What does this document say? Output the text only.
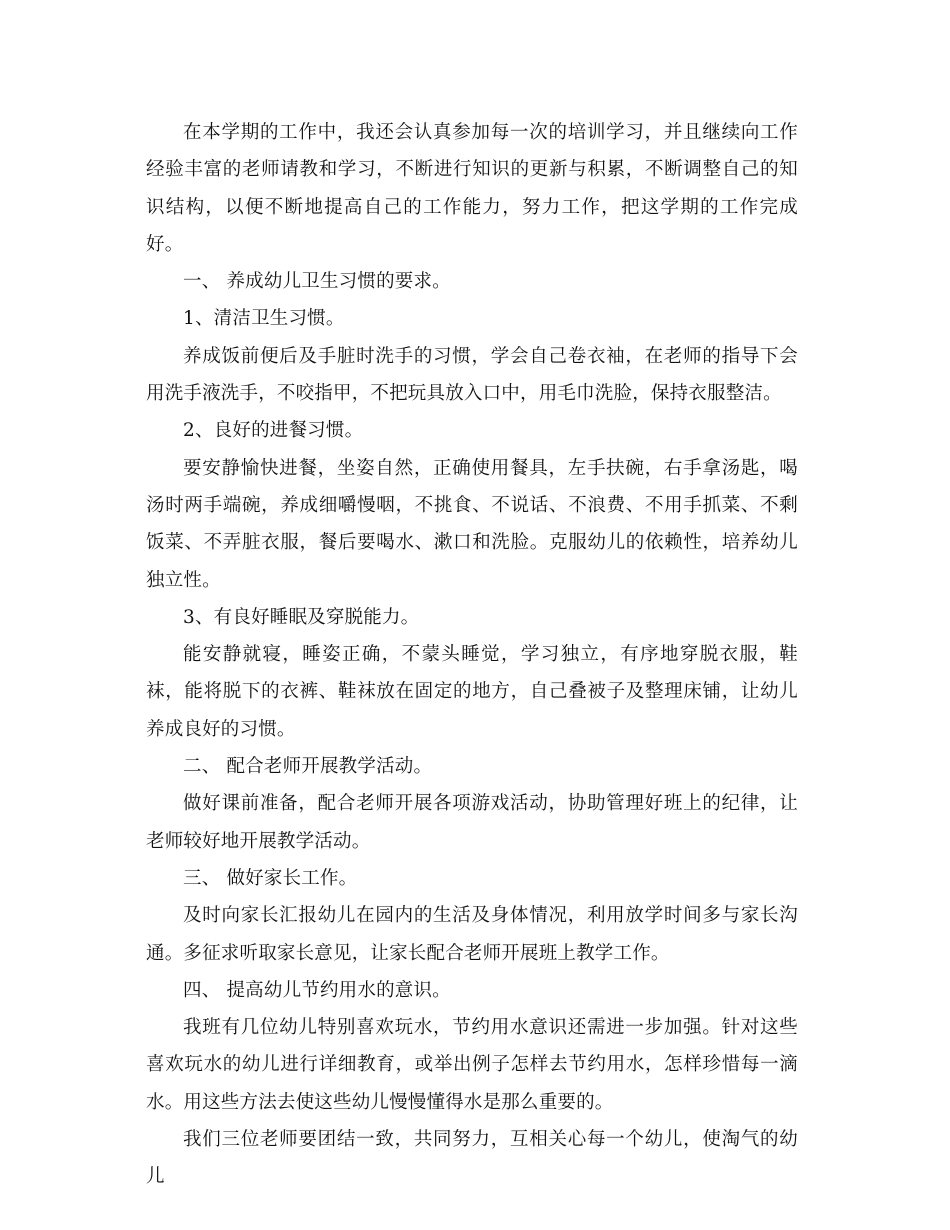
在本学期的工作中，我还会认真参加每一次的培训学习，并且继续向工作经验丰富的老师请教和学习，不断进行知识的更新与积累，不断调整自己的知识结构，以便不断地提高自己的工作能力，努力工作，把这学期的工作完成好。

一、 养成幼儿卫生习惯的要求。

1、清洁卫生习惯。

养成饭前便后及手脏时洗手的习惯，学会自己卷衣袖，在老师的指导下会用洗手液洗手，不咬指甲，不把玩具放入口中，用毛巾洗脸，保持衣服整洁。

2、良好的进餐习惯。

要安静愉快进餐，坐姿自然，正确使用餐具，左手扶碗，右手拿汤匙，喝汤时两手端碗，养成细嚼慢咽，不挑食、不说话、不浪费、不用手抓菜、不剩饭菜、不弄脏衣服，餐后要喝水、漱口和洗脸。克服幼儿的依赖性，培养幼儿独立性。

3、有良好睡眠及穿脱能力。

能安静就寝，睡姿正确，不蒙头睡觉，学习独立，有序地穿脱衣服，鞋袜，能将脱下的衣裤、鞋袜放在固定的地方，自己叠被子及整理床铺，让幼儿养成良好的习惯。

二、 配合老师开展教学活动。

做好课前准备，配合老师开展各项游戏活动，协助管理好班上的纪律，让老师较好地开展教学活动。

三、 做好家长工作。

及时向家长汇报幼儿在园内的生活及身体情况，利用放学时间多与家长沟通。多征求听取家长意见，让家长配合老师开展班上教学工作。

四、 提高幼儿节约用水的意识。

我班有几位幼儿特别喜欢玩水，节约用水意识还需进一步加强。针对这些喜欢玩水的幼儿进行详细教育，或举出例子怎样去节约用水，怎样珍惜每一滴水。用这些方法去使这些幼儿慢慢懂得水是那么重要的。

我们三位老师要团结一致，共同努力，互相关心每一个幼儿，使淘气的幼儿
